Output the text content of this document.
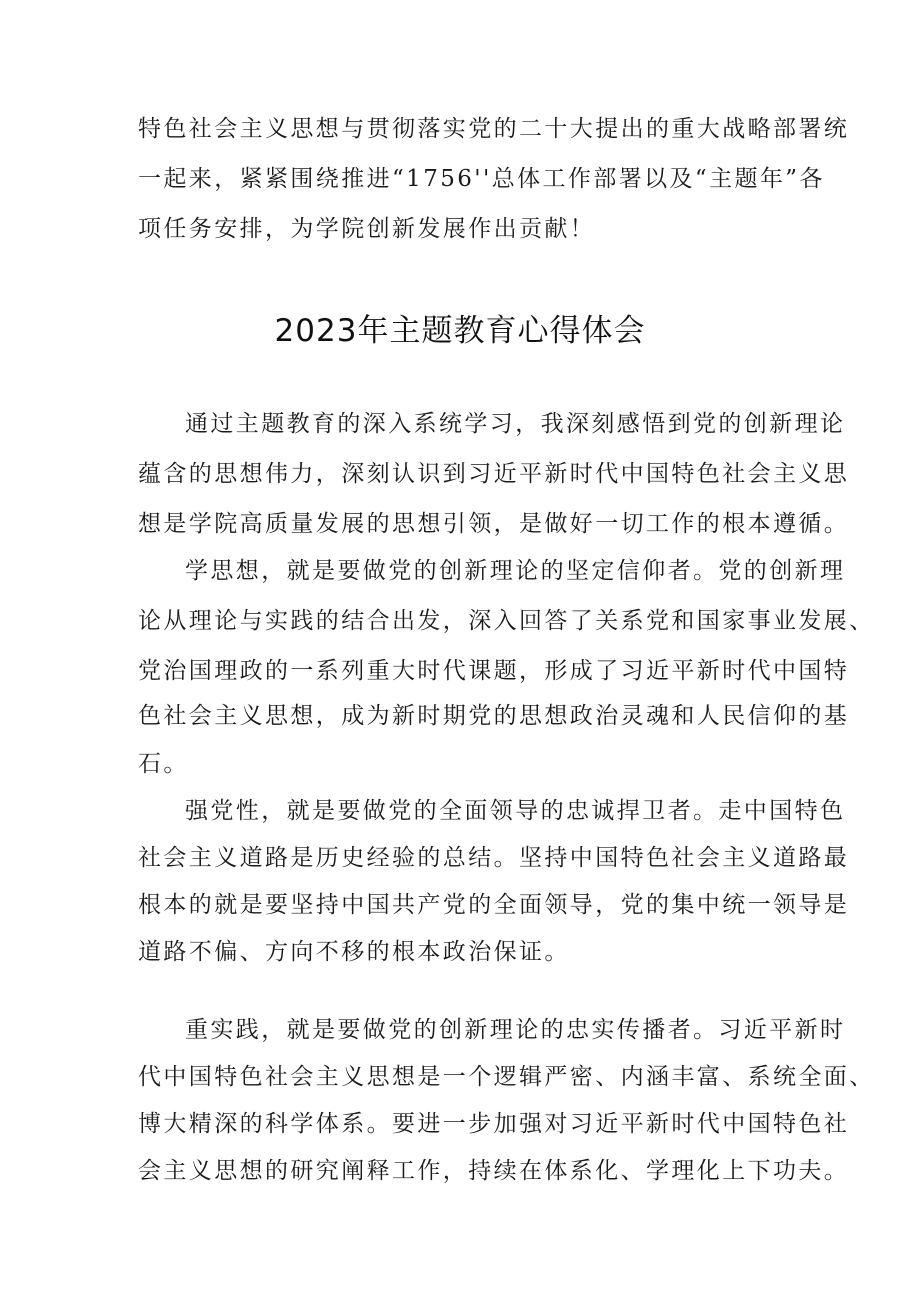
特色社会主义思想与贯彻落实党的二十大提出的重大战略部署统

一起来，紧紧围绕推进“1756''总体工作部署以及“主题年”各

项任务安排，为学院创新发展作出贡献！

2023年主题教育心得体会

通过主题教育的深入系统学习，我深刻感悟到党的创新理论

蕴含的思想伟力，深刻认识到习近平新时代中国特色社会主义思

想是学院高质量发展的思想引领，是做好一切工作的根本遵循。

学思想，就是要做党的创新理论的坚定信仰者。党的创新理

论从理论与实践的结合出发，深入回答了关系党和国家事业发展、

党治国理政的一系列重大时代课题，形成了习近平新时代中国特

色社会主义思想，成为新时期党的思想政治灵魂和人民信仰的基

石。

强党性，就是要做党的全面领导的忠诚捍卫者。走中国特色

社会主义道路是历史经验的总结。坚持中国特色社会主义道路最

根本的就是要坚持中国共产党的全面领导，党的集中统一领导是

道路不偏、方向不移的根本政治保证。

重实践，就是要做党的创新理论的忠实传播者。习近平新时

代中国特色社会主义思想是一个逻辑严密、内涵丰富、系统全面、

博大精深的科学体系。要进一步加强对习近平新时代中国特色社

会主义思想的研究阐释工作，持续在体系化、学理化上下功夫。
